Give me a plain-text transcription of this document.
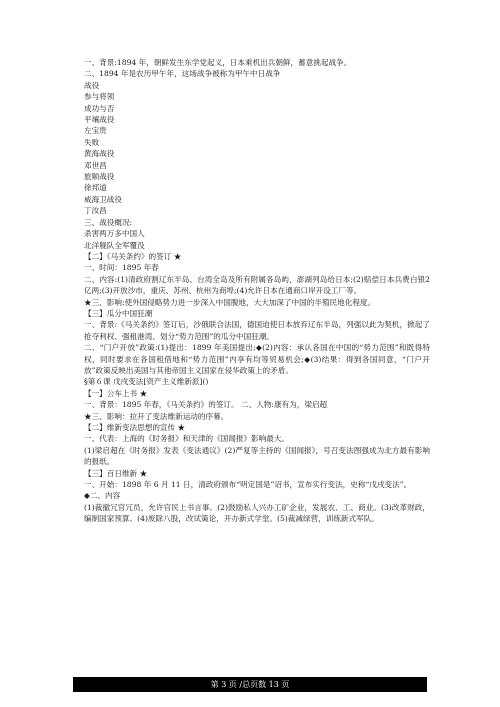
一、背景:1894 年，朝鲜发生东学党起义，日本乘机出兵朝鲜，蓄意挑起战争。
二、1894 年是农历甲午年，这场战争被称为甲午中日战争
战役
参与将领
成功与否
平壤战役
左宝贵
失败
黄海战役
邓世昌
旅顺战役
徐邦道
威海卫战役
丁汝昌
三、战役概况:
杀害两万多中国人
北洋舰队全军覆没
【二】《马关条约》的签订 ★
一、时间：1895 年春
二、内容:(1)清政府割辽东半岛、台湾全岛及所有附属各岛屿，澎湖列岛给日本;(2)赔偿日本兵费白银2亿两;(3)开放沙市，重庆、苏州、杭州为商埠;(4)允许日本在通商口岸开设工厂等。
★三、影响:使外国侵略势力进一步深入中国腹地，大大加深了中国的半殖民地化程度。
【三】瓜分中国狂潮
一、背景:《马关条约》签订后，沙俄联合法国，德国迫使日本放弃辽东半岛，列强以此为契机，掀起了抢夺利权、强租港湾、划分“势力范围”的瓜分中国狂潮。
二、“门户开放”政策:(1)提出：1899 年美国提出;◆(2)内容：承认各国在中国的“势力范围”和既得特权，同时要求在各国租借地和“势力范围”内享有均等贸易机会;◆(3)结果：得到各国同意，“门户开放”政策反映出美国与其他帝国主义国家在侵华政策上的矛盾。
§第６课 戊戌变法[资产主义维新派]()
【一】公车上书 ★
一、背景：1895 年春，《马关条约》的签订。 二、人物:康有为，梁启超
★三、影响：拉开了变法维新运动的序幕。
【二】维新变法思想的宣传 ★
一、代表：上海的《时务报》和天津的《国闻报》影响最大。
(1)梁启超在《时务报》发表《变法通议》(2)严复等主持的《国闻报》，号召变法图强成为北方最有影响的报纸。
【三】百日维新 ★
一、开始：1898 年 6 月 11 日，清政府颁布“明定国是”诏书，宣布实行变法，史称“戊戌变法”。
◆二、内容
(1)裁撤冗官冗员，允许官民上书言事。(2)鼓励私人兴办工矿企业，发展农、工、商业。(3)改革财政，编制国家预算。(4)废除八股，改试策论，开办新式学堂。(5)裁减绿营，训练新式军队。
第 3 页 /总页数 13 页
